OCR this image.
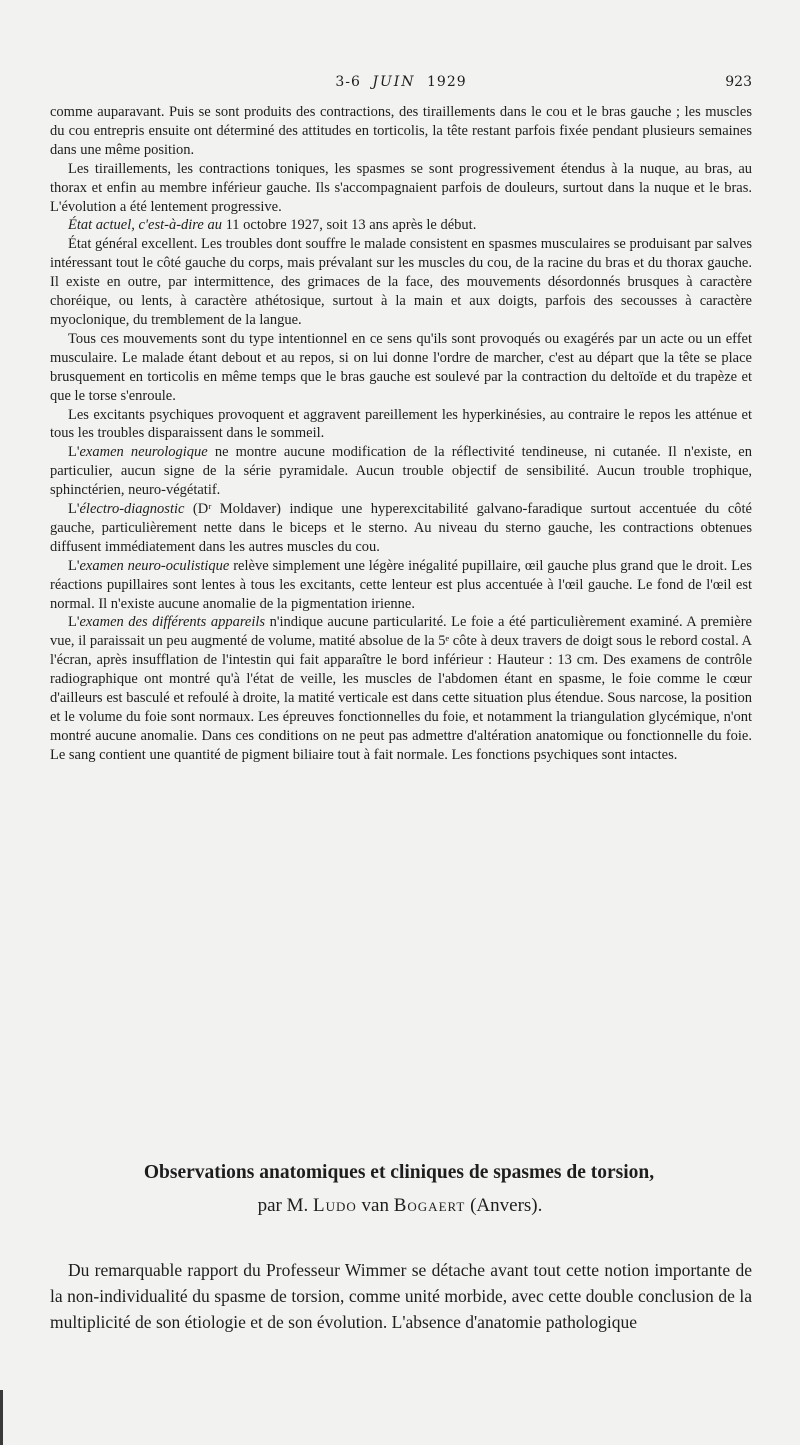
3-6 JUIN 1929	923

comme auparavant. Puis se sont produits des contractions, des tiraillements dans le cou et le bras gauche ; les muscles du cou entrepris ensuite ont déterminé des attitudes en torticolis, la tête restant parfois fixée pendant plusieurs semaines dans une même position.

Les tiraillements, les contractions toniques, les spasmes se sont progressivement étendus à la nuque, au bras, au thorax et enfin au membre inférieur gauche. Ils s'accompagnaient parfois de douleurs, surtout dans la nuque et le bras. L'évolution a été lentement progressive.

État actuel, c'est-à-dire au 11 octobre 1927, soit 13 ans après le début.

État général excellent. Les troubles dont souffre le malade consistent en spasmes musculaires se produisant par salves intéressant tout le côté gauche du corps, mais prévalant sur les muscles du cou, de la racine du bras et du thorax gauche. Il existe en outre, par intermittence, des grimaces de la face, des mouvements désordonnés brusques à caractère choréique, ou lents, à caractère athétosique, surtout à la main et aux doigts, parfois des secousses à caractère myoclonique, du tremblement de la langue.

Tous ces mouvements sont du type intentionnel en ce sens qu'ils sont provoqués ou exagérés par un acte ou un effet musculaire. Le malade étant debout et au repos, si on lui donne l'ordre de marcher, c'est au départ que la tête se place brusquement en torticolis en même temps que le bras gauche est soulevé par la contraction du deltoïde et du trapèze et que le torse s'enroule.

Les excitants psychiques provoquent et aggravent pareillement les hyperkinésies, au contraire le repos les atténue et tous les troubles disparaissent dans le sommeil.

L'examen neurologique ne montre aucune modification de la réflectivité tendineuse, ni cutanée. Il n'existe, en particulier, aucun signe de la série pyramidale. Aucun trouble objectif de sensibilité. Aucun trouble trophique, sphinctérien, neuro-végétatif.

L'électro-diagnostic (Dʳ Moldaver) indique une hyperexcitabilité galvano-faradique surtout accentuée du côté gauche, particulièrement nette dans le biceps et le sterno. Au niveau du sterno gauche, les contractions obtenues diffusent immédiatement dans les autres muscles du cou.

L'examen neuro-oculistique relève simplement une légère inégalité pupillaire, œil gauche plus grand que le droit. Les réactions pupillaires sont lentes à tous les excitants, cette lenteur est plus accentuée à l'œil gauche. Le fond de l'œil est normal. Il n'existe aucune anomalie de la pigmentation irienne.

L'examen des différents appareils n'indique aucune particularité. Le foie a été particulièrement examiné. A première vue, il paraissait un peu augmenté de volume, matité absolue de la 5ᵉ côte à deux travers de doigt sous le rebord costal. A l'écran, après insufflation de l'intestin qui fait apparaître le bord inférieur : Hauteur : 13 cm. Des examens de contrôle radiographique ont montré qu'à l'état de veille, les muscles de l'abdomen étant en spasme, le foie comme le cœur d'ailleurs est basculé et refoulé à droite, la matité verticale est dans cette situation plus étendue. Sous narcose, la position et le volume du foie sont normaux. Les épreuves fonctionnelles du foie, et notamment la triangulation glycémique, n'ont montré aucune anomalie. Dans ces conditions on ne peut pas admettre d'altération anatomique ou fonctionnelle du foie. Le sang contient une quantité de pigment biliaire tout à fait normale. Les fonctions psychiques sont intactes.

Observations anatomiques et cliniques de spasmes de torsion,
par M. Ludo van Bogaert (Anvers).

Du remarquable rapport du Professeur Wimmer se détache avant tout cette notion importante de la non-individualité du spasme de torsion, comme unité morbide, avec cette double conclusion de la multiplicité de son étiologie et de son évolution. L'absence d'anatomie pathologique
